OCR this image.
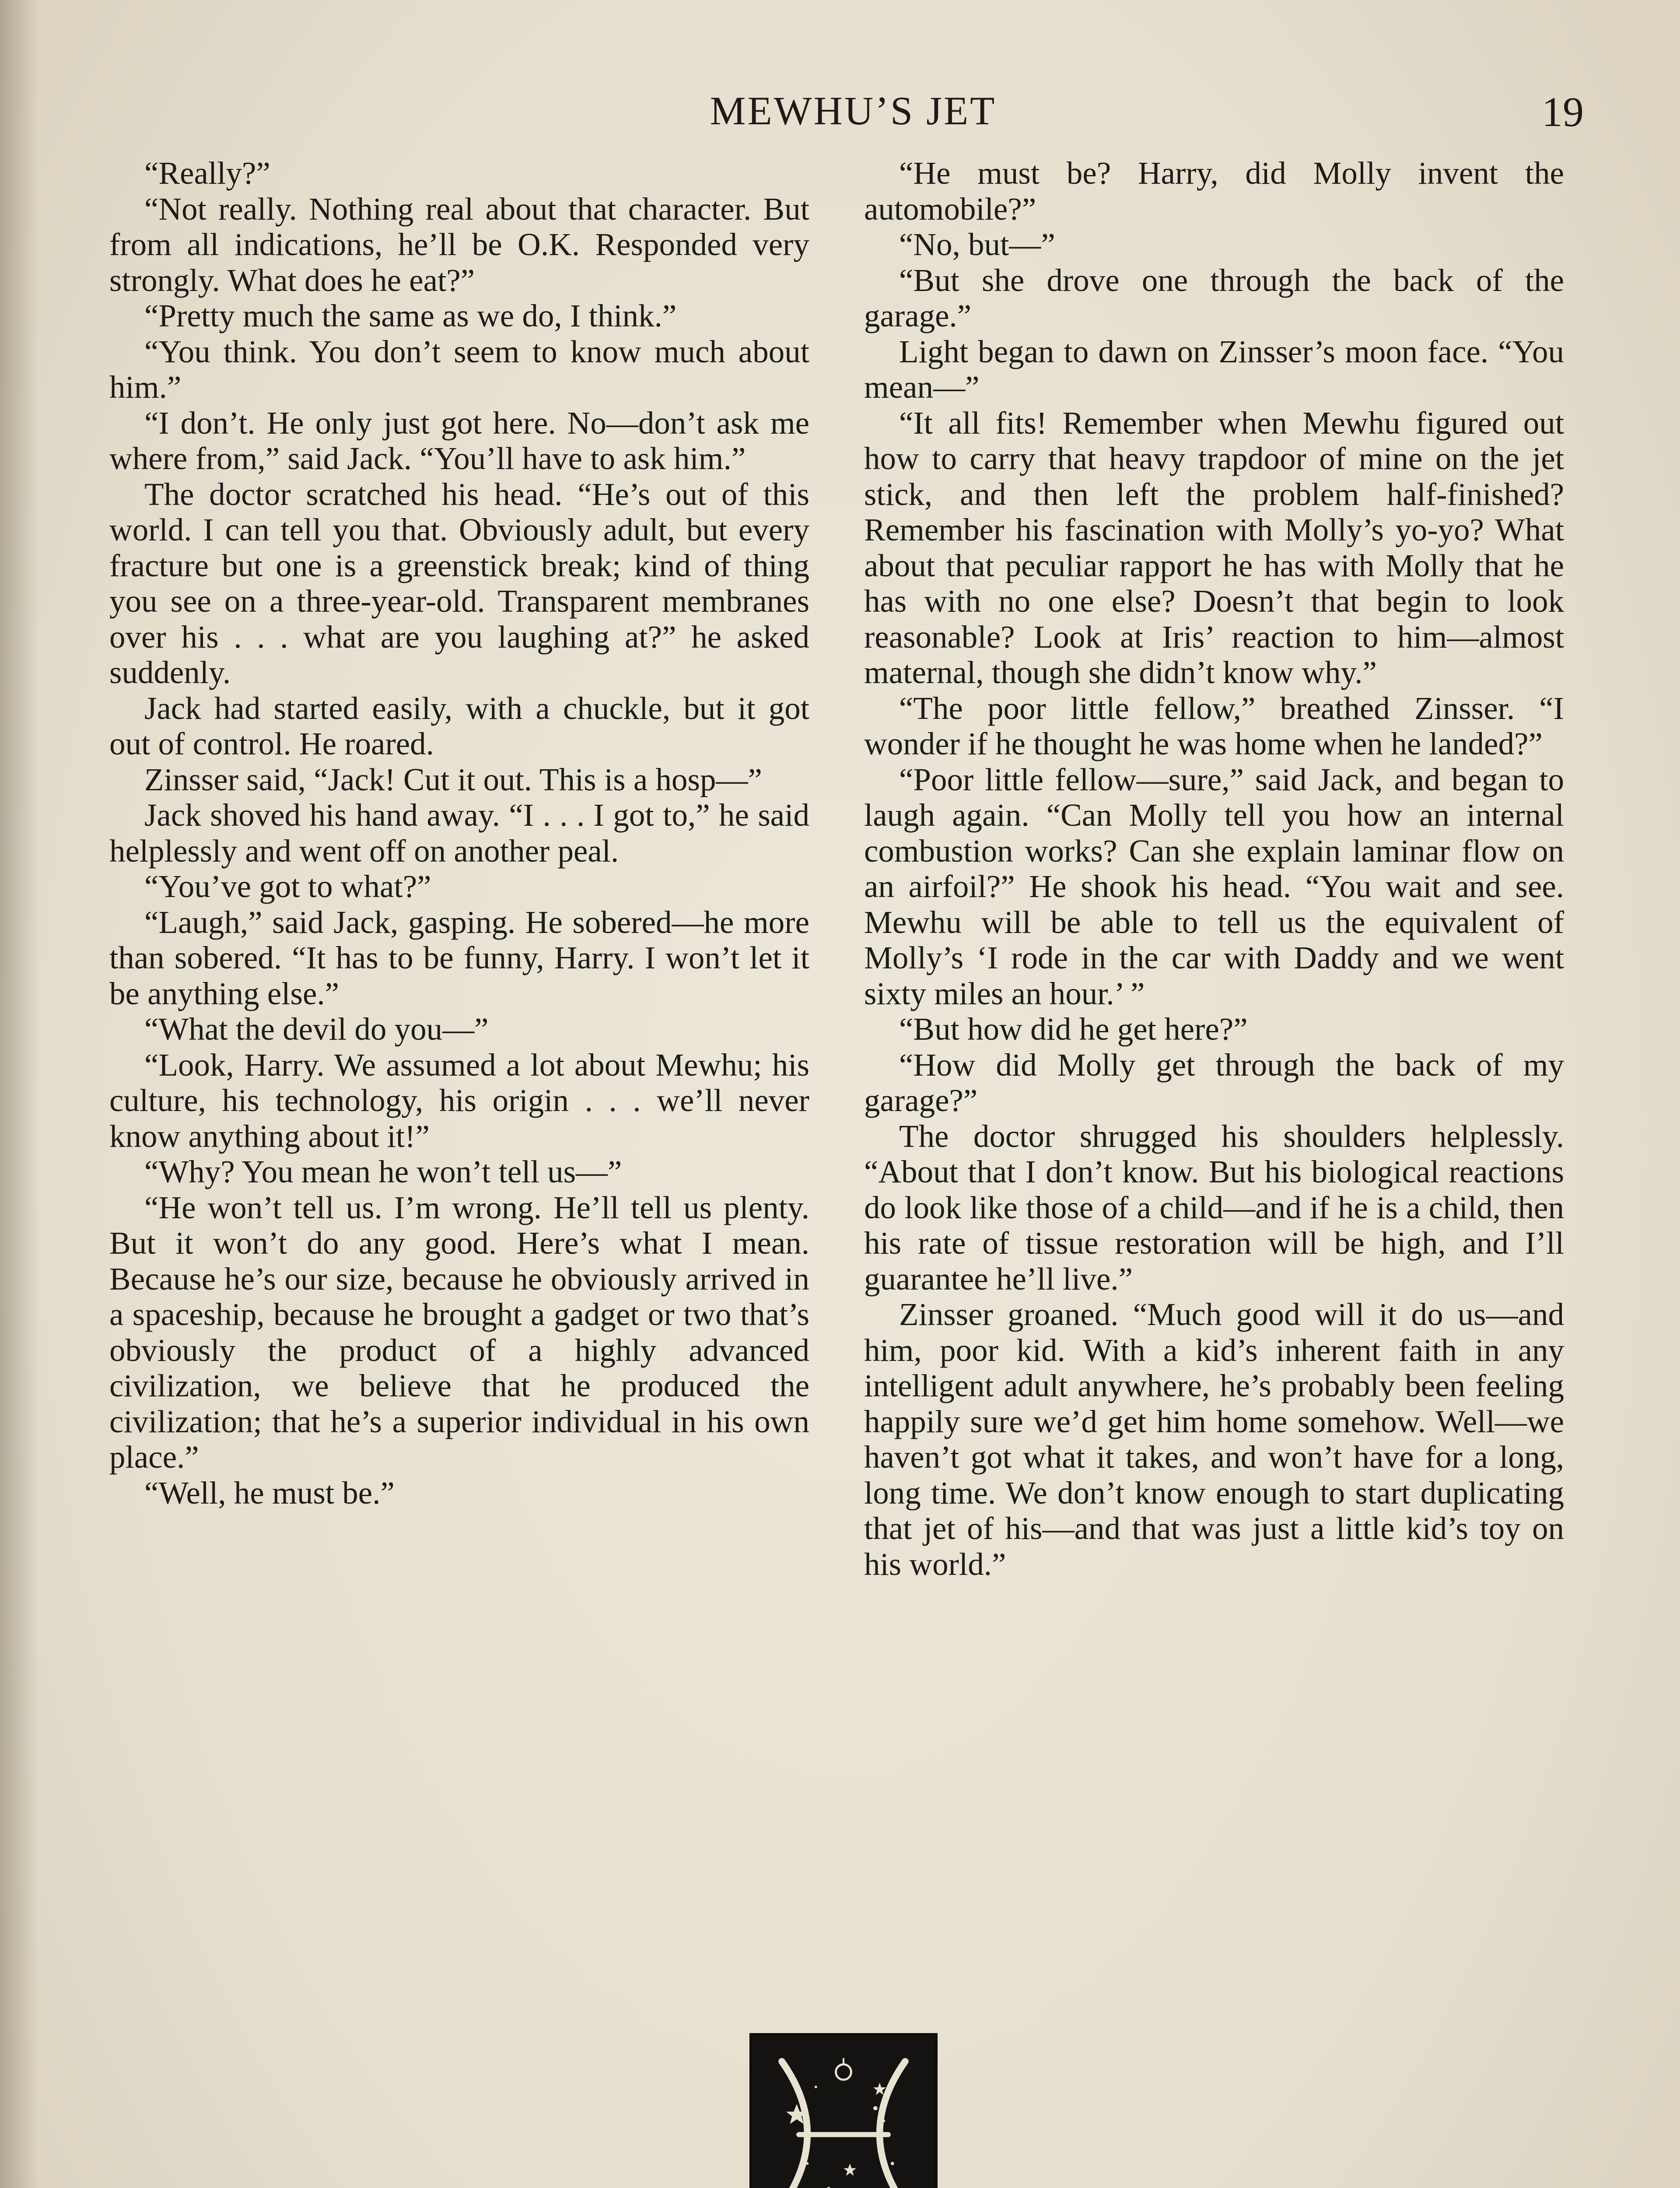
MEWHU’S JET	19

“Really?”

“Not really. Nothing real about that character. But from all indications, he’ll be O.K. Responded very strongly. What does he eat?”

“Pretty much the same as we do, I think.”

“You think. You don’t seem to know much about him.”

“I don’t. He only just got here. No—don’t ask me where from,” said Jack. “You’ll have to ask him.”

The doctor scratched his head. “He’s out of this world. I can tell you that. Obviously adult, but every fracture but one is a greenstick break; kind of thing you see on a three-year-old. Transparent membranes over his . . . what are you laughing at?” he asked suddenly.

Jack had started easily, with a chuckle, but it got out of control. He roared.

Zinsser said, “Jack! Cut it out. This is a hosp—”

Jack shoved his hand away. “I . . . I got to,” he said helplessly and went off on another peal.

“You’ve got to what?”

“Laugh,” said Jack, gasping. He sobered—he more than sobered. “It has to be funny, Harry. I won’t let it be anything else.”

“What the devil do you—”

“Look, Harry. We assumed a lot about Mewhu; his culture, his technology, his origin . . . we’ll never know anything about it!”

“Why? You mean he won’t tell us—”

“He won’t tell us. I’m wrong. He’ll tell us plenty. But it won’t do any good. Here’s what I mean. Because he’s our size, because he obviously arrived in a spaceship, because he brought a gadget or two that’s obviously the product of a highly advanced civilization, we believe that he produced the civilization; that he’s a superior individual in his own place.”

“Well, he must be.”

“He must be? Harry, did Molly invent the automobile?”

“No, but—”

“But she drove one through the back of the garage.”

Light began to dawn on Zinsser’s moon face. “You mean—”

“It all fits! Remember when Mewhu figured out how to carry that heavy trapdoor of mine on the jet stick, and then left the problem half-finished? Remember his fascination with Molly’s yo-yo? What about that peculiar rapport he has with Molly that he has with no one else? Doesn’t that begin to look reasonable? Look at Iris’ reaction to him—almost maternal, though she didn’t know why.”

“The poor little fellow,” breathed Zinsser. “I wonder if he thought he was home when he landed?”

“Poor little fellow—sure,” said Jack, and began to laugh again. “Can Molly tell you how an internal combustion works? Can she explain laminar flow on an airfoil?” He shook his head. “You wait and see. Mewhu will be able to tell us the equivalent of Molly’s ‘I rode in the car with Daddy and we went sixty miles an hour.’ ”

“But how did he get here?”

“How did Molly get through the back of my garage?”

The doctor shrugged his shoulders helplessly. “About that I don’t know. But his biological reactions do look like those of a child—and if he is a child, then his rate of tissue restoration will be high, and I’ll guarantee he’ll live.”

Zinsser groaned. “Much good will it do us—and him, poor kid. With a kid’s inherent faith in any intelligent adult anywhere, he’s probably been feeling happily sure we’d get him home somehow. Well—we haven’t got what it takes, and won’t have for a long, long time. We don’t know enough to start duplicating that jet of his—and that was just a little kid’s toy on his world.”
